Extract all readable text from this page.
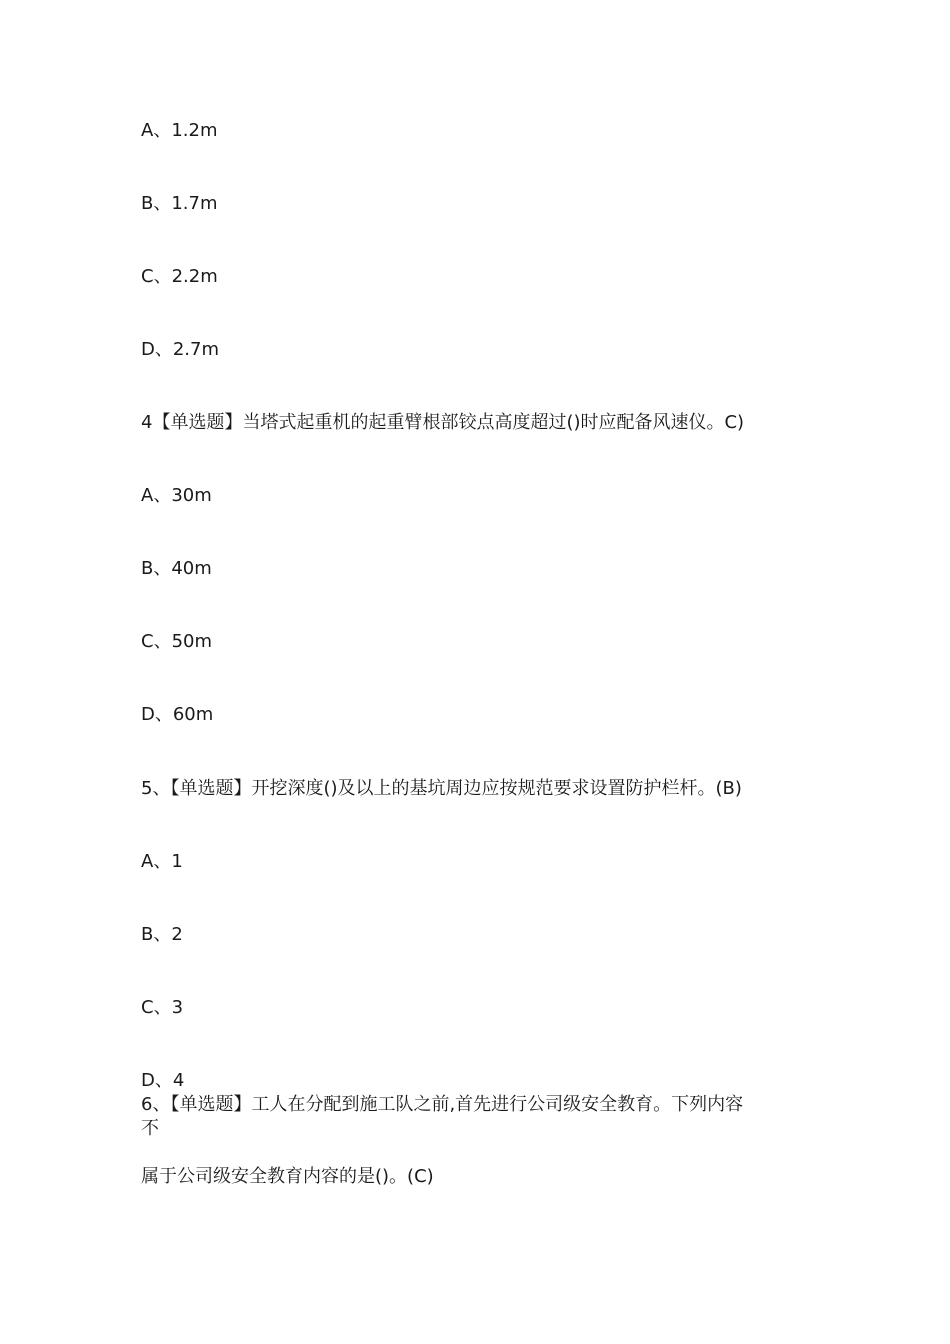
A、1.2m
B、1.7m
C、2.2m
D、2.7m
4【单选题】当塔式起重机的起重臂根部铰点高度超过()时应配备风速仪。C)
A、30m
B、40m
C、50m
D、60m
5、【单选题】开挖深度()及以上的基坑周边应按规范要求设置防护栏杆。(B)
A、1
B、2
C、3
D、4
6、【单选题】工人在分配到施工队之前,首先进行公司级安全教育。下列内容
不
属于公司级安全教育内容的是()。(C)
